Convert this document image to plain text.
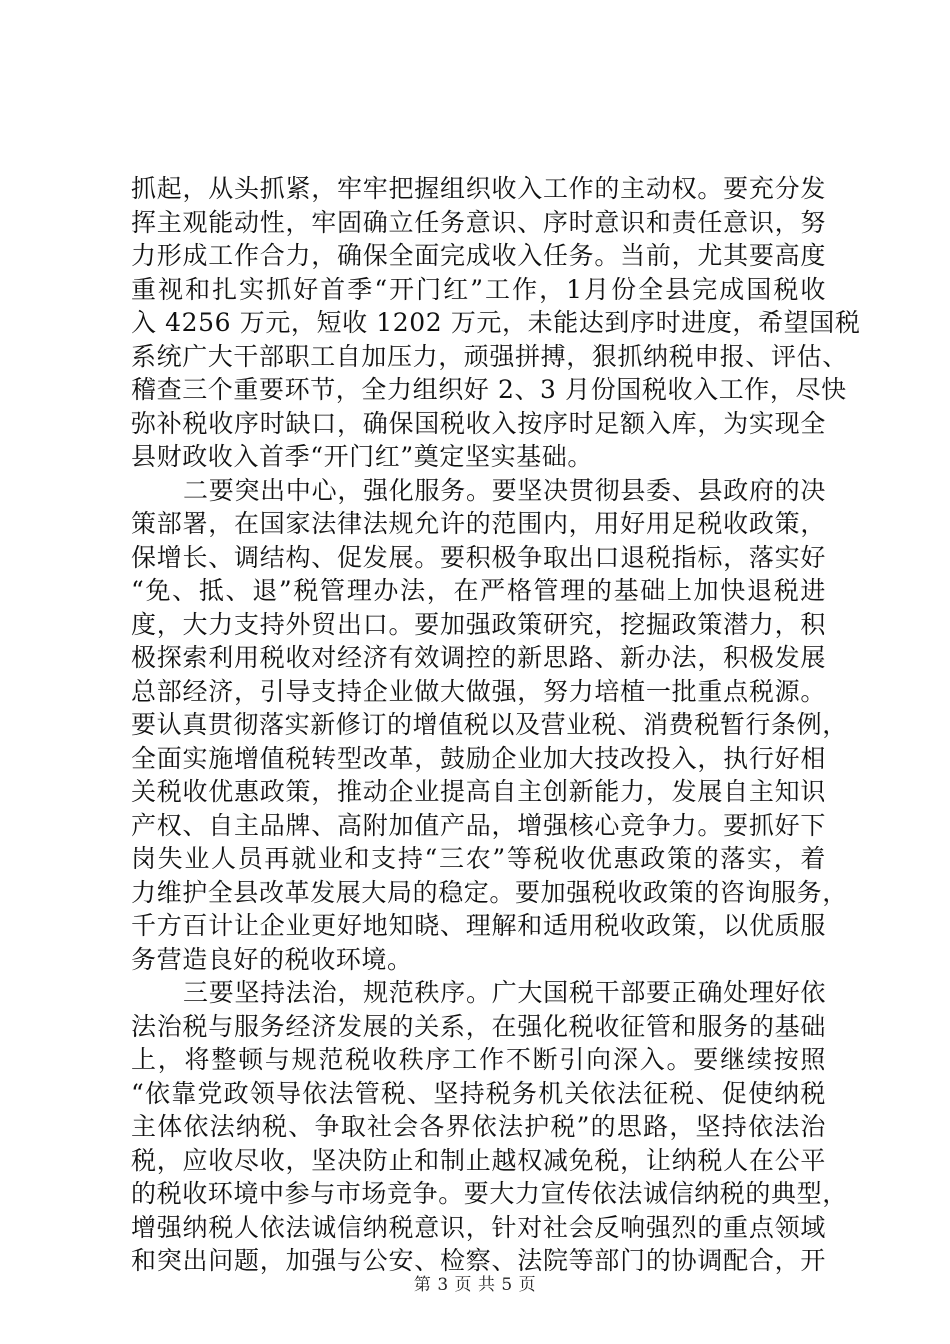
抓起，从头抓紧，牢牢把握组织收入工作的主动权。要充分发
挥主观能动性，牢固确立任务意识、序时意识和责任意识，努
力形成工作合力，确保全面完成收入任务。当前，尤其要高度
重视和扎实抓好首季“开门红”工作，1月份全县完成国税收
入 4256 万元，短收 1202 万元，未能达到序时进度，希望国税
系统广大干部职工自加压力，顽强拼搏，狠抓纳税申报、评估、
稽查三个重要环节，全力组织好 2、3 月份国税收入工作，尽快
弥补税收序时缺口，确保国税收入按序时足额入库，为实现全
县财政收入首季“开门红”奠定坚实基础。
二要突出中心，强化服务。要坚决贯彻县委、县政府的决
策部署，在国家法律法规允许的范围内，用好用足税收政策，
保增长、调结构、促发展。要积极争取出口退税指标，落实好
“免、抵、退”税管理办法，在严格管理的基础上加快退税进
度，大力支持外贸出口。要加强政策研究，挖掘政策潜力，积
极探索利用税收对经济有效调控的新思路、新办法，积极发展
总部经济，引导支持企业做大做强，努力培植一批重点税源。
要认真贯彻落实新修订的增值税以及营业税、消费税暂行条例，
全面实施增值税转型改革，鼓励企业加大技改投入，执行好相
关税收优惠政策，推动企业提高自主创新能力，发展自主知识
产权、自主品牌、高附加值产品，增强核心竞争力。要抓好下
岗失业人员再就业和支持“三农”等税收优惠政策的落实，着
力维护全县改革发展大局的稳定。要加强税收政策的咨询服务，
千方百计让企业更好地知晓、理解和适用税收政策，以优质服
务营造良好的税收环境。
三要坚持法治，规范秩序。广大国税干部要正确处理好依
法治税与服务经济发展的关系，在强化税收征管和服务的基础
上，将整顿与规范税收秩序工作不断引向深入。要继续按照
“依靠党政领导依法管税、坚持税务机关依法征税、促使纳税
主体依法纳税、争取社会各界依法护税”的思路，坚持依法治
税，应收尽收，坚决防止和制止越权减免税，让纳税人在公平
的税收环境中参与市场竞争。要大力宣传依法诚信纳税的典型，
增强纳税人依法诚信纳税意识，针对社会反响强烈的重点领域
和突出问题，加强与公安、检察、法院等部门的协调配合，开
第 3 页 共 5 页
